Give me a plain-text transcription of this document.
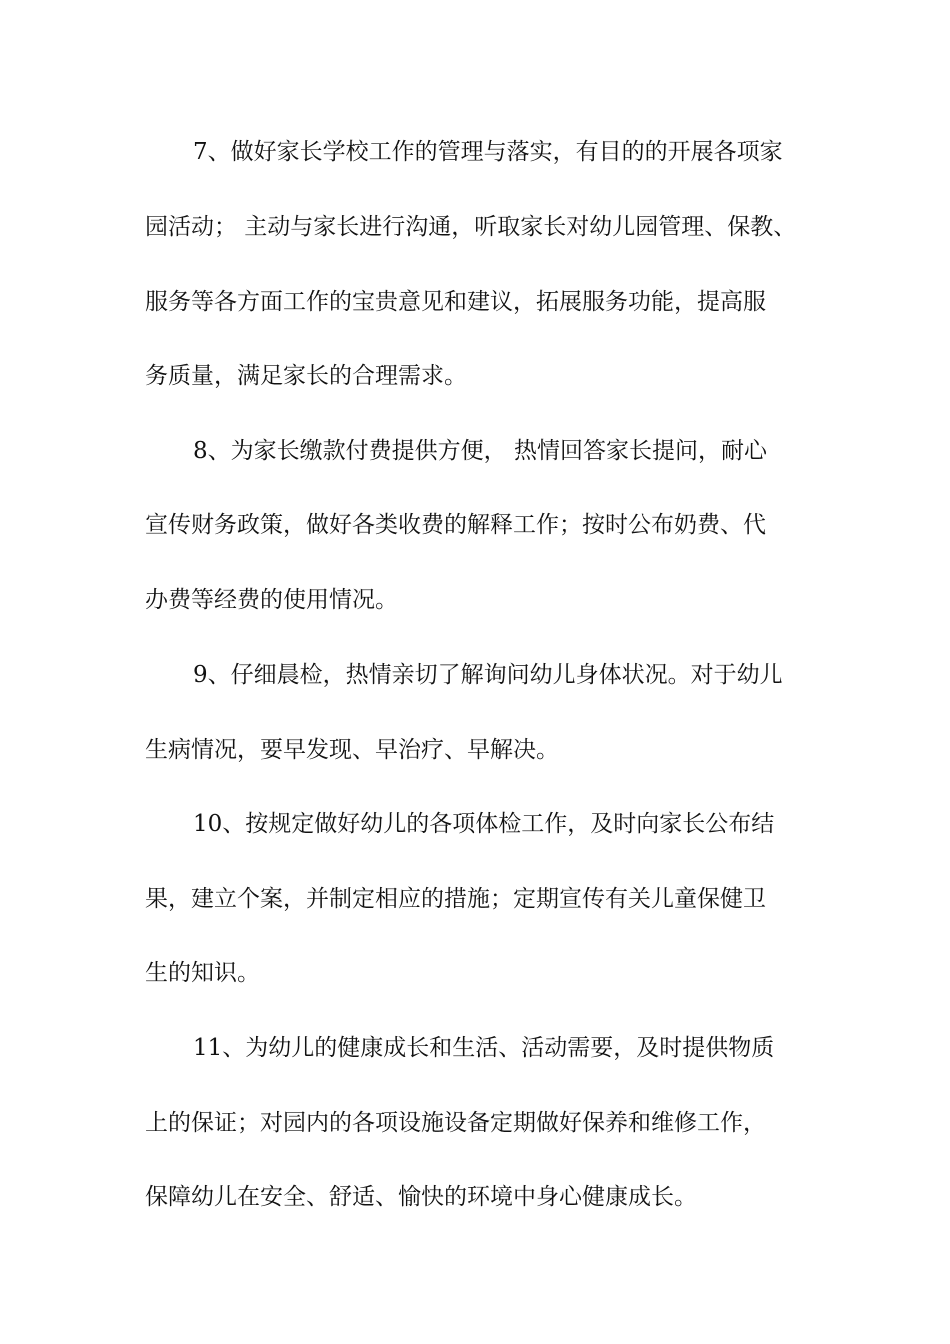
7、做好家长学校工作的管理与落实，有目的的开展各项家
园活动； 主动与家长进行沟通，听取家长对幼儿园管理、保教、
服务等各方面工作的宝贵意见和建议，拓展服务功能，提高服
务质量，满足家长的合理需求。
8、为家长缴款付费提供方便， 热情回答家长提问，耐心
宣传财务政策，做好各类收费的解释工作；按时公布奶费、代
办费等经费的使用情况。
9、仔细晨检，热情亲切了解询问幼儿身体状况。对于幼儿
生病情况，要早发现、早治疗、早解决。
10、按规定做好幼儿的各项体检工作，及时向家长公布结
果，建立个案，并制定相应的措施；定期宣传有关儿童保健卫
生的知识。
11、为幼儿的健康成长和生活、活动需要，及时提供物质
上的保证；对园内的各项设施设备定期做好保养和维修工作，
保障幼儿在安全、舒适、愉快的环境中身心健康成长。
